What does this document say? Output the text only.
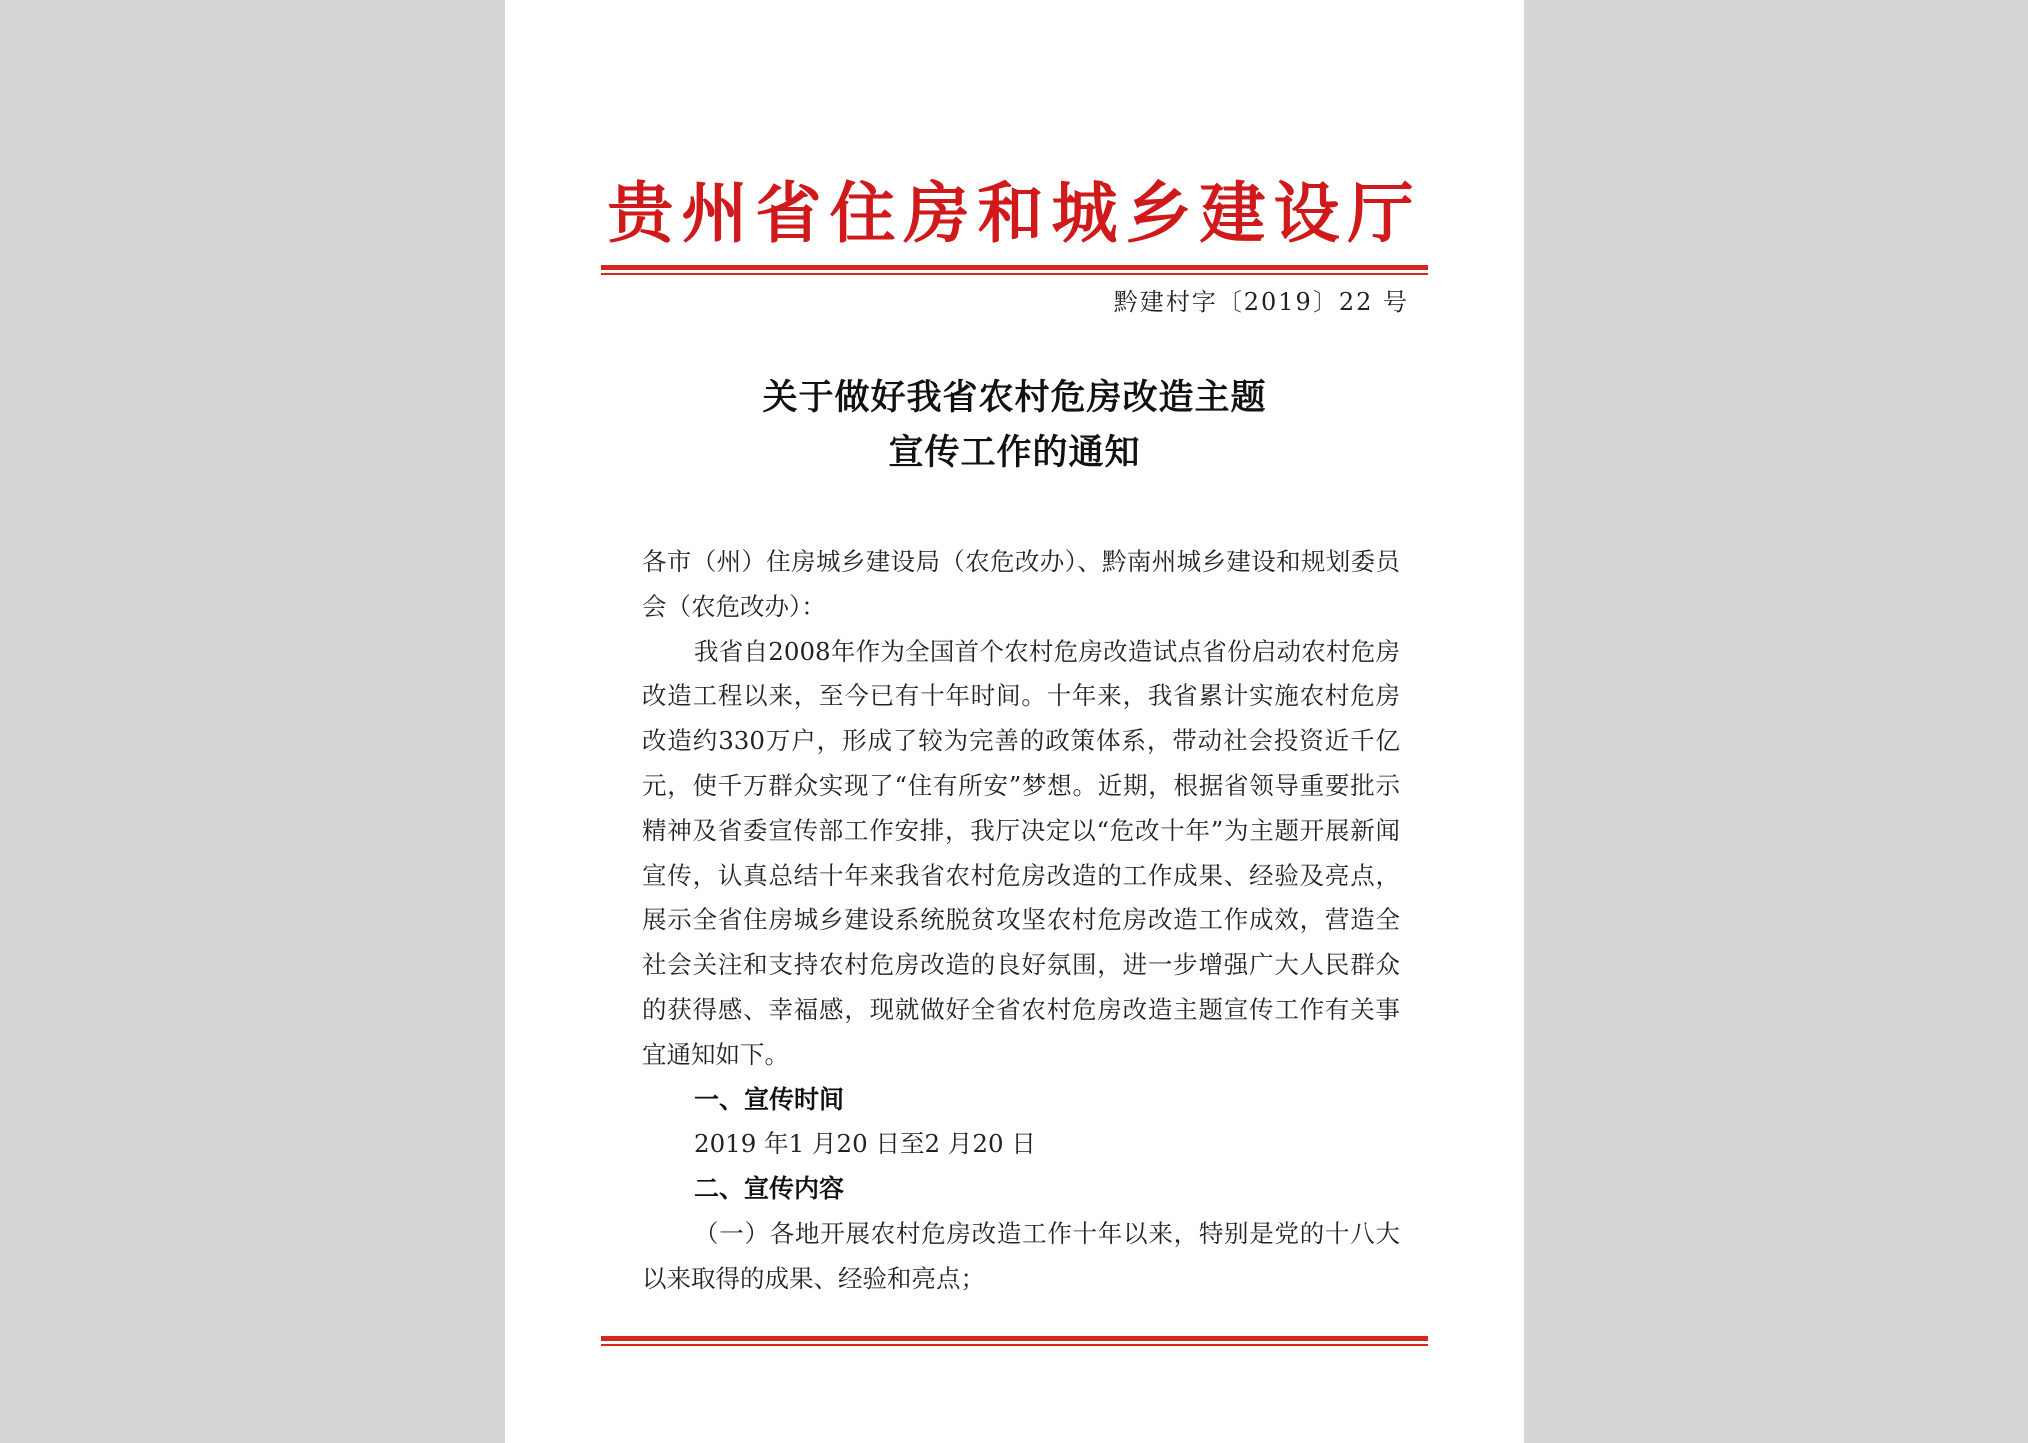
贵州省住房和城乡建设厅
黔建村字〔2019〕22 号
关于做好我省农村危房改造主题
宣传工作的通知

各市（州）住房城乡建设局（农危改办）、黔南州城乡建设和规划委员会（农危改办）：

我省自2008年作为全国首个农村危房改造试点省份启动农村危房改造工程以来，至今已有十年时间。十年来，我省累计实施农村危房改造约330万户，形成了较为完善的政策体系，带动社会投资近千亿元，使千万群众实现了“住有所安”梦想。近期，根据省领导重要批示精神及省委宣传部工作安排，我厅决定以“危改十年”为主题开展新闻宣传，认真总结十年来我省农村危房改造的工作成果、经验及亮点，展示全省住房城乡建设系统脱贫攻坚农村危房改造工作成效，营造全社会关注和支持农村危房改造的良好氛围，进一步增强广大人民群众的获得感、幸福感，现就做好全省农村危房改造主题宣传工作有关事宜通知如下。

一、宣传时间

2019 年1 月20 日至2 月20 日

二、宣传内容

（一）各地开展农村危房改造工作十年以来，特别是党的十八大以来取得的成果、经验和亮点；
